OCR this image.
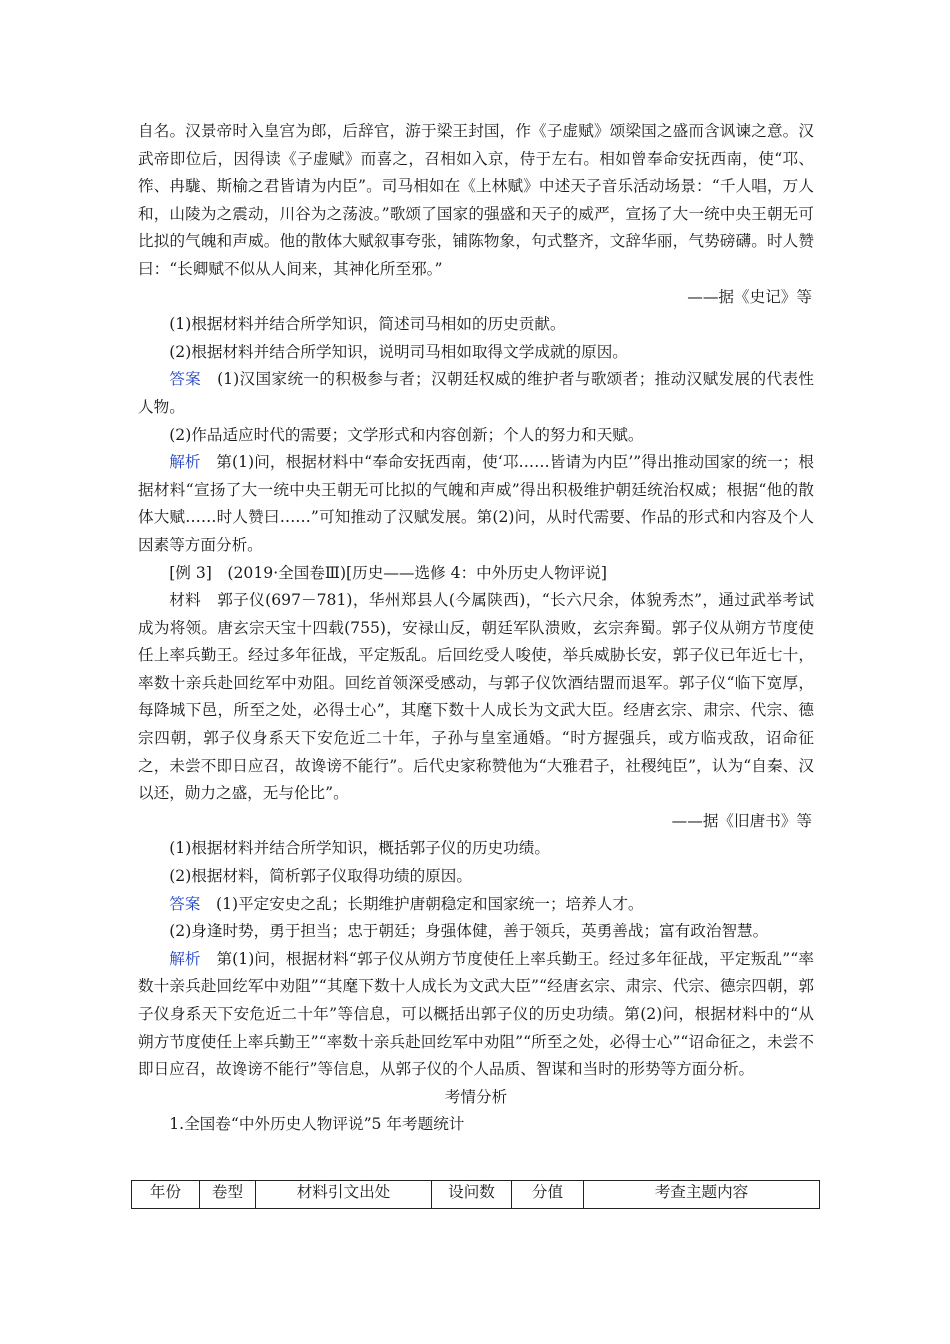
自名。汉景帝时入皇宫为郎，后辞官，游于梁王封国，作《子虚赋》颂梁国之盛而含讽谏之意。汉武帝即位后，因得读《子虚赋》而喜之，召相如入京，侍于左右。相如曾奉命安抚西南，使“邛、筰、冉駹、斯榆之君皆请为内臣”。司马相如在《上林赋》中述天子音乐活动场景：“千人唱，万人和，山陵为之震动，川谷为之荡波。”歌颂了国家的强盛和天子的威严，宣扬了大一统中央王朝无可比拟的气魄和声威。他的散体大赋叙事夸张，铺陈物象，句式整齐，文辞华丽，气势磅礴。时人赞曰：“长卿赋不似从人间来，其神化所至邪。”

——据《史记》等

(1)根据材料并结合所学知识，简述司马相如的历史贡献。

(2)根据材料并结合所学知识，说明司马相如取得文学成就的原因。

答案　 (1)汉国家统一的积极参与者；汉朝廷权威的维护者与歌颂者；推动汉赋发展的代表性人物。

(2)作品适应时代的需要；文学形式和内容创新；个人的努力和天赋。

解析　 第(1)问，根据材料中“奉命安抚西南，使‘邛……皆请为内臣’”得出推动国家的统一；根据材料“宣扬了大一统中央王朝无可比拟的气魄和声威”得出积极维护朝廷统治权威；根据“他的散体大赋……时人赞曰……”可知推动了汉赋发展。第(2)问，从时代需要、作品的形式和内容及个人因素等方面分析。

[例 3]　(2019·全国卷Ⅲ)[历史——选修 4：中外历史人物评说]

材料　 郭子仪(697－781)，华州郑县人(今属陕西)，“长六尺余，体貌秀杰”，通过武举考试成为将领。唐玄宗天宝十四载(755)，安禄山反，朝廷军队溃败，玄宗奔蜀。郭子仪从朔方节度使任上率兵勤王。经过多年征战，平定叛乱。后回纥受人唆使，举兵威胁长安，郭子仪已年近七十，率数十亲兵赴回纥军中劝阻。回纥首领深受感动，与郭子仪饮酒结盟而退军。郭子仪“临下宽厚，每降城下邑，所至之处，必得士心”，其麾下数十人成长为文武大臣。经唐玄宗、肃宗、代宗、德宗四朝，郭子仪身系天下安危近二十年，子孙与皇室通婚。“时方握强兵，或方临戎敌，诏命征之，未尝不即日应召，故谗谤不能行”。后代史家称赞他为“大雅君子，社稷纯臣”，认为“自秦、汉以还，勋力之盛，无与伦比”。

——据《旧唐书》等

(1)根据材料并结合所学知识，概括郭子仪的历史功绩。

(2)根据材料，简析郭子仪取得功绩的原因。

答案　 (1)平定安史之乱；长期维护唐朝稳定和国家统一；培养人才。

(2)身逢时势，勇于担当；忠于朝廷；身强体健，善于领兵，英勇善战；富有政治智慧。

解析　 第(1)问，根据材料“郭子仪从朔方节度使任上率兵勤王。经过多年征战，平定叛乱”“率数十亲兵赴回纥军中劝阻”“其麾下数十人成长为文武大臣”“经唐玄宗、肃宗、代宗、德宗四朝，郭子仪身系天下安危近二十年”等信息，可以概括出郭子仪的历史功绩。第(2)问，根据材料中的“从朔方节度使任上率兵勤王”“率数十亲兵赴回纥军中劝阻”“所至之处，必得士心”“诏命征之，未尝不即日应召，故谗谤不能行”等信息，从郭子仪的个人品质、智谋和当时的形势等方面分析。

考情分析

1.全国卷“中外历史人物评说”5 年考题统计

年份	卷型	材料引文出处	设问数	分值	考查主题内容
